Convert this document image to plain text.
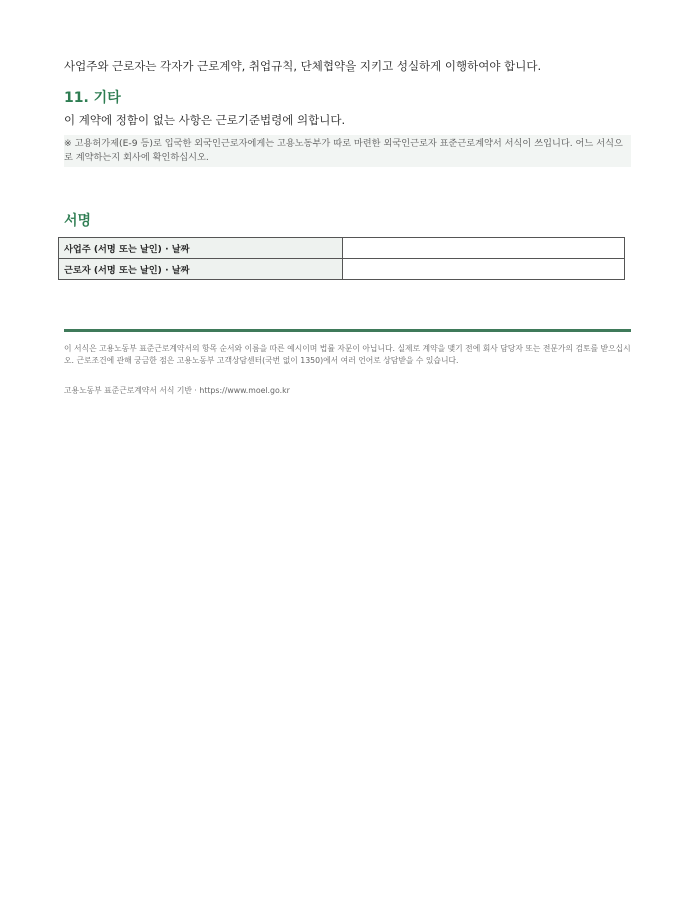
사업주와 근로자는 각자가 근로계약, 취업규칙, 단체협약을 지키고 성실하게 이행하여야 합니다.
11. 기타
이 계약에 정함이 없는 사항은 근로기준법령에 의합니다.
※ 고용허가제(E-9 등)로 입국한 외국인근로자에게는 고용노동부가 따로 마련한 외국인근로자 표준근로계약서 서식이 쓰입니다. 어느 서식으로 계약하는지 회사에 확인하십시오.
서명
사업주 (서명 또는 날인) · 날짜	
근로자 (서명 또는 날인) · 날짜	
이 서식은 고용노동부 표준근로계약서의 항목 순서와 이름을 따른 예시이며 법률 자문이 아닙니다. 실제로 계약을 맺기 전에 회사 담당자 또는 전문가의 검토를 받으십시오. 근로조건에 관해 궁금한 점은 고용노동부 고객상담센터(국번 없이 1350)에서 여러 언어로 상담받을 수 있습니다.
고용노동부 표준근로계약서 서식 기반 · https://www.moel.go.kr
